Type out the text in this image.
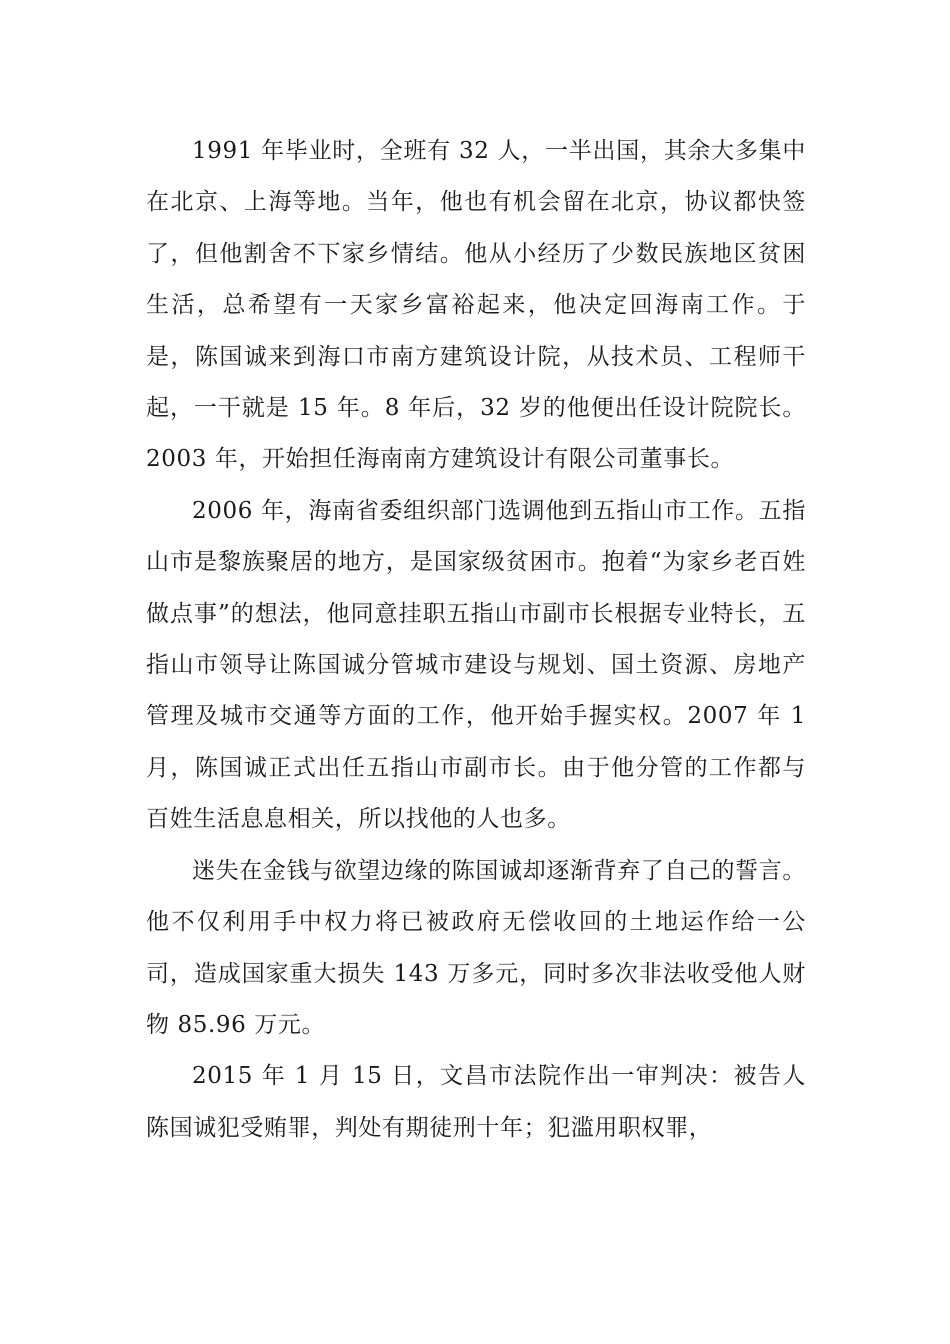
1991 年毕业时，全班有 32 人，一半出国，其余大多集中在北京、上海等地。当年，他也有机会留在北京，协议都快签了，但他割舍不下家乡情结。他从小经历了少数民族地区贫困生活，总希望有一天家乡富裕起来，他决定回海南工作。于是，陈国诚来到海口市南方建筑设计院，从技术员、工程师干起，一干就是 15 年。8 年后，32 岁的他便出任设计院院长。2003 年，开始担任海南南方建筑设计有限公司董事长。

2006 年，海南省委组织部门选调他到五指山市工作。五指山市是黎族聚居的地方，是国家级贫困市。抱着“为家乡老百姓做点事”的想法，他同意挂职五指山市副市长根据专业特长，五指山市领导让陈国诚分管城市建设与规划、国土资源、房地产管理及城市交通等方面的工作，他开始手握实权。2007 年 1 月，陈国诚正式出任五指山市副市长。由于他分管的工作都与百姓生活息息相关，所以找他的人也多。

迷失在金钱与欲望边缘的陈国诚却逐渐背弃了自己的誓言。他不仅利用手中权力将已被政府无偿收回的土地运作给一公司，造成国家重大损失 143 万多元，同时多次非法收受他人财物 85.96 万元。

2015 年 1 月 15 日，文昌市法院作出一审判决：被告人陈国诚犯受贿罪，判处有期徒刑十年；犯滥用职权罪，
